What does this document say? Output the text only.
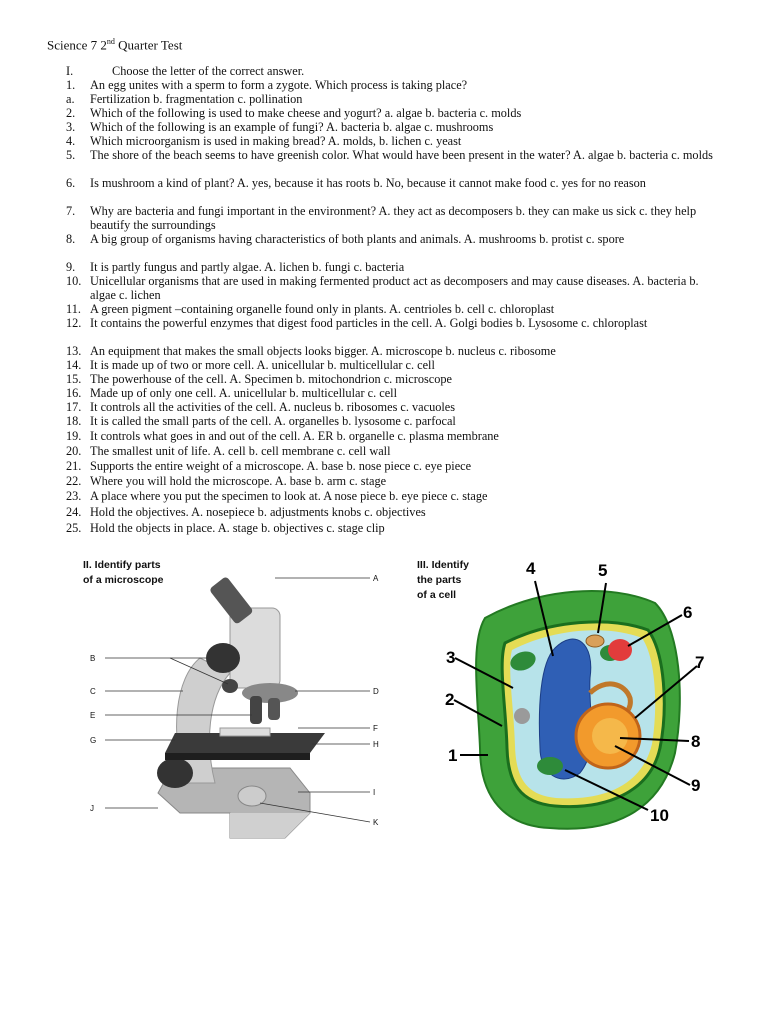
Science 7 2nd Quarter Test
I.	Choose the letter of the correct answer.
1.	An egg unites with a sperm to form a zygote. Which process is taking place?
a.	Fertilization b. fragmentation c. pollination
2.	Which of the following is used to make cheese and yogurt? a. algae b. bacteria c. molds
3.	Which of the following is an example of fungi? A. bacteria b. algae c. mushrooms
4.	Which microorganism is used in making bread? A. molds, b. lichen c. yeast
5.	The shore of the beach seems to have greenish color. What would have been present in the water? A. algae b. bacteria c. molds
6.	Is mushroom a kind of plant? A. yes, because it has roots b. No, because it cannot make food c. yes for no reason
7.	Why are bacteria and fungi important in the environment? A. they act as decomposers b. they can make us sick c. they help beautify the surroundings
8.	A big group of organisms having characteristics of both plants and animals. A. mushrooms b. protist c. spore
9.	It is partly fungus and partly algae. A. lichen b. fungi c. bacteria
10. Unicellular organisms that are used in making fermented product act as decomposers and may cause diseases. A. bacteria b. algae c. lichen
11. A green pigment –containing organelle found only in plants. A. centrioles b. cell c. chloroplast
12. It contains the powerful enzymes that digest food particles in the cell. A. Golgi bodies b. Lysosome c. chloroplast
13. An equipment that makes the small objects looks bigger. A. microscope b. nucleus c. ribosome
14. It is made up of two or more cell. A. unicellular b. multicellular c. cell
15. The powerhouse of the cell. A. Specimen b. mitochondrion c. microscope
16. Made up of only one cell. A. unicellular b. multicellular c. cell
17. It controls all the activities of the cell. A. nucleus b. ribosomes c. vacuoles
18. It is called the small parts of the cell. A. organelles b. lysosome c. parfocal
19. It controls what goes in and out of the cell. A. ER b. organelle c. plasma membrane
20. The smallest unit of life. A. cell b. cell membrane c. cell wall
21. Supports the entire weight of a microscope. A. base b. nose piece c. eye piece
22. Where you will hold the microscope. A. base b. arm c. stage
23. A place where you put the specimen to look at. A nose piece b. eye piece c. stage
24. Hold the objectives. A. nosepiece b. adjustments knobs c. objectives
25. Hold the objects in place. A. stage b. objectives c. stage clip
II. Identify parts
of a microscope	A
B
C	D
E
F
G	H
I
J
K
III. Identify
the parts
of a cell
4	5
6
7
3
2
1
8
9
10
